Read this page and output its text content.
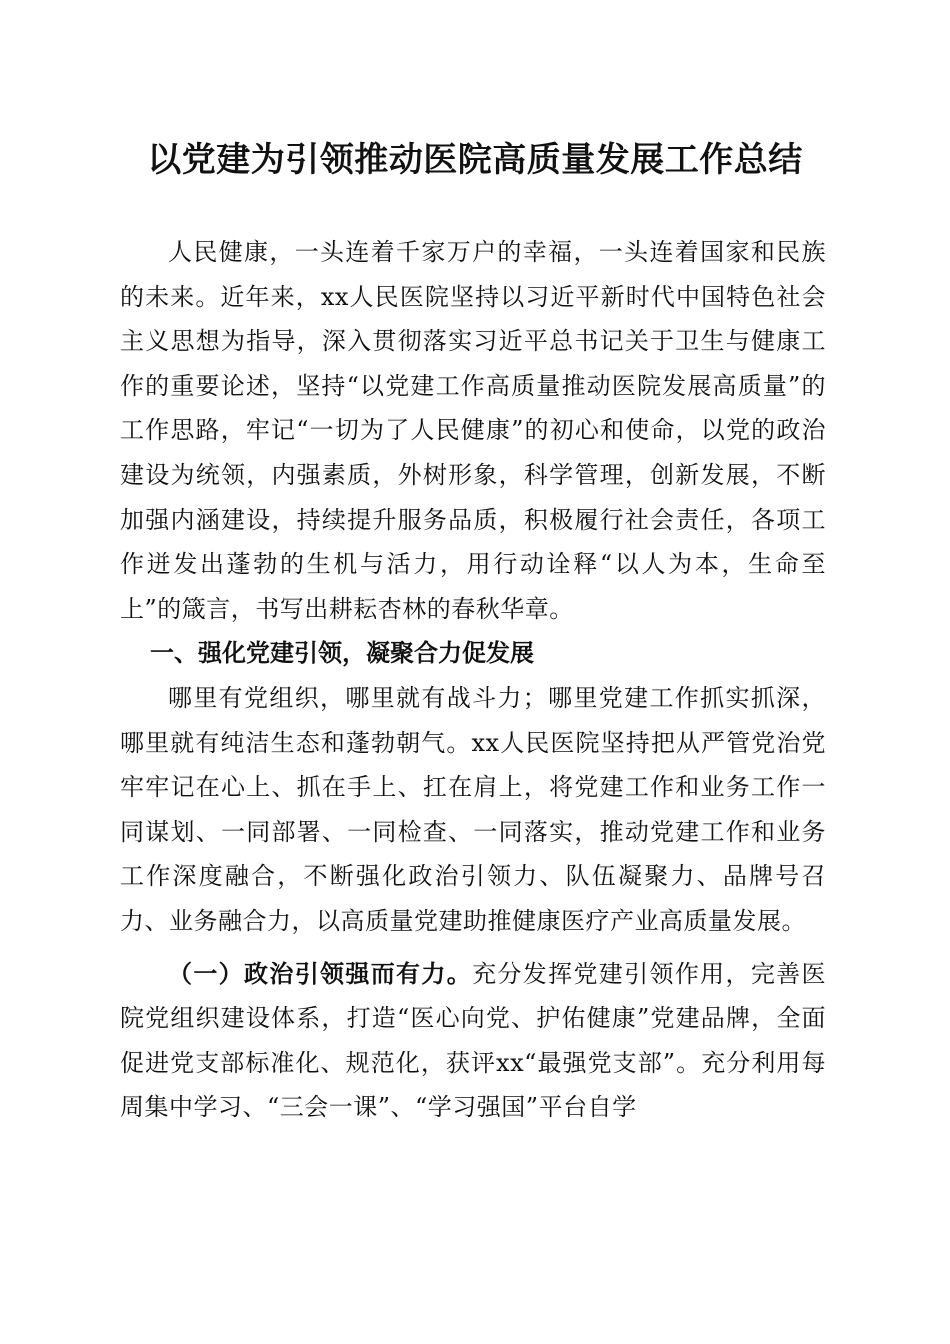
以党建为引领推动医院高质量发展工作总结

人民健康，一头连着千家万户的幸福，一头连着国家和民族的未来。近年来，xx人民医院坚持以习近平新时代中国特色社会主义思想为指导，深入贯彻落实习近平总书记关于卫生与健康工作的重要论述，坚持“以党建工作高质量推动医院发展高质量”的工作思路，牢记“一切为了人民健康”的初心和使命，以党的政治建设为统领，内强素质，外树形象，科学管理，创新发展，不断加强内涵建设，持续提升服务品质，积极履行社会责任，各项工作迸发出蓬勃的生机与活力，用行动诠释“以人为本，生命至上”的箴言，书写出耕耘杏林的春秋华章。

一、强化党建引领，凝聚合力促发展

哪里有党组织，哪里就有战斗力；哪里党建工作抓实抓深，哪里就有纯洁生态和蓬勃朝气。xx人民医院坚持把从严管党治党牢牢记在心上、抓在手上、扛在肩上，将党建工作和业务工作一同谋划、一同部署、一同检查、一同落实，推动党建工作和业务工作深度融合，不断强化政治引领力、队伍凝聚力、品牌号召力、业务融合力，以高质量党建助推健康医疗产业高质量发展。

（一）政治引领强而有力。充分发挥党建引领作用，完善医院党组织建设体系，打造“医心向党、护佑健康”党建品牌，全面促进党支部标准化、规范化，获评xx“最强党支部”。充分利用每周集中学习、“三会一课”、“学习强国”平台自学
